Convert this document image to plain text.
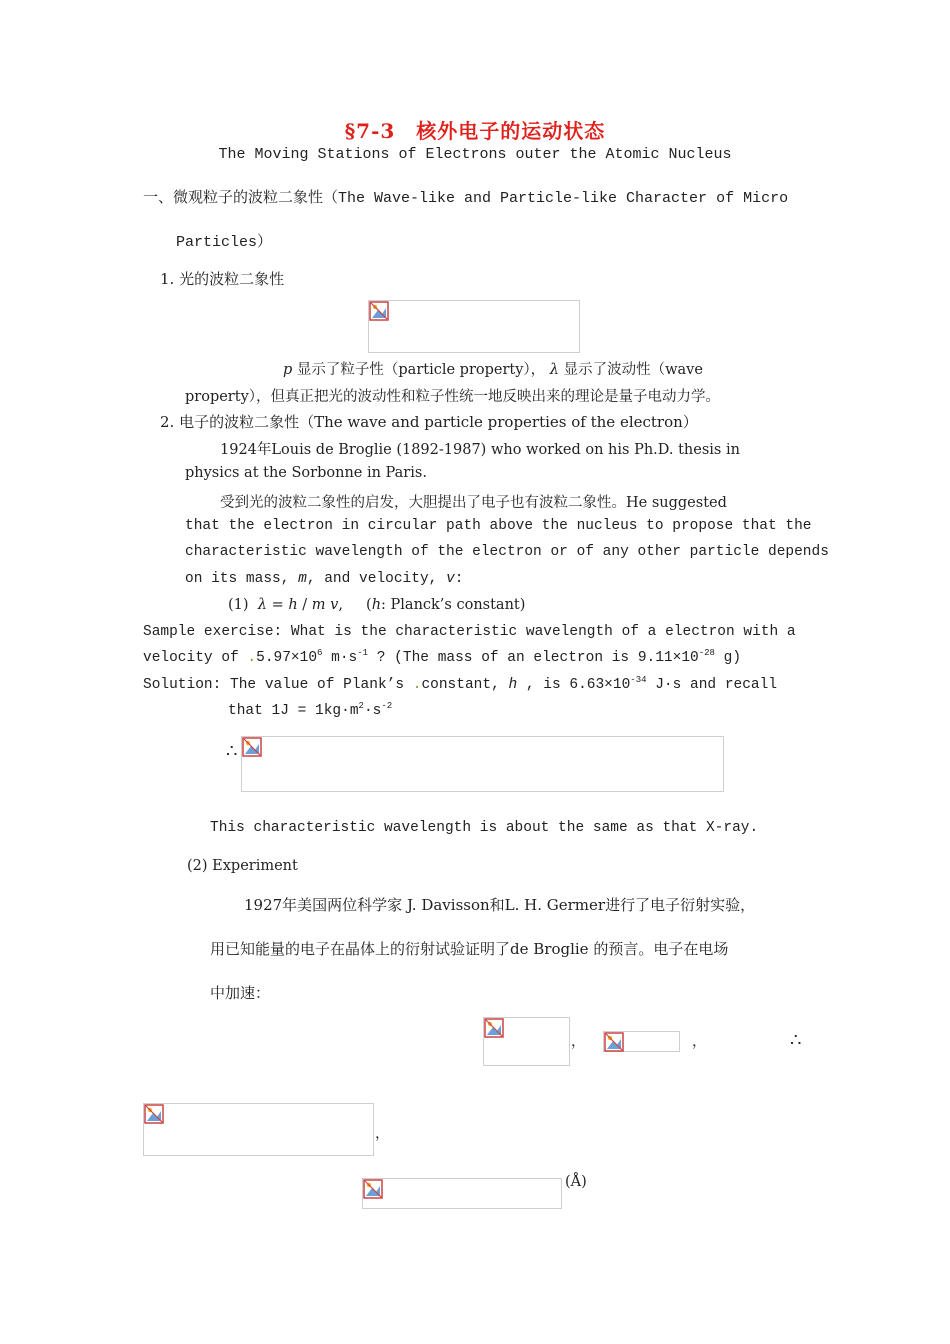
§7-3　核外电子的运动状态
The Moving Stations of Electrons outer the Atomic Nucleus
一、微观粒子的波粒二象性（The Wave-like and Particle-like Character of Micro
Particles）
1. 光的波粒二象性
p 显示了粒子性（particle property）， λ 显示了波动性（wave
property），但真正把光的波动性和粒子性统一地反映出来的理论是量子电动力学。
2. 电子的波粒二象性（The wave and particle properties of the electron）
1924年Louis de Broglie (1892-1987) who worked on his Ph.D. thesis in
physics at the Sorbonne in Paris.
受到光的波粒二象性的启发，大胆提出了电子也有波粒二象性。He suggested
that the electron in circular path above the nucleus to propose that the
characteristic wavelength of the electron or of any other particle depends
on its mass, m, and velocity, v:
(1) λ = h / m v, (h: Planck’s constant)
Sample exercise: What is the characteristic wavelength of a electron with a
velocity of $.5.97\times 10^6$ $m\cdot s^{-1}$ ? (The mass of an electron is $9.11\times 10^{-28}$ g)
Solution: The value of Plank’s .constant, h , is $6.63\times 10^{-34}$ J·s and recall
that $1J = 1kg\cdot m^2\cdot s^{-2}$
∴
This characteristic wavelength is about the same as that X-ray.
(2) Experiment
1927年美国两位科学家 J. Davisson和L. H. Germer进行了电子衍射实验，
用已知能量的电子在晶体上的衍射试验证明了de Broglie 的预言。电子在电场
中加速：
，	，	∴
，
(Å)
